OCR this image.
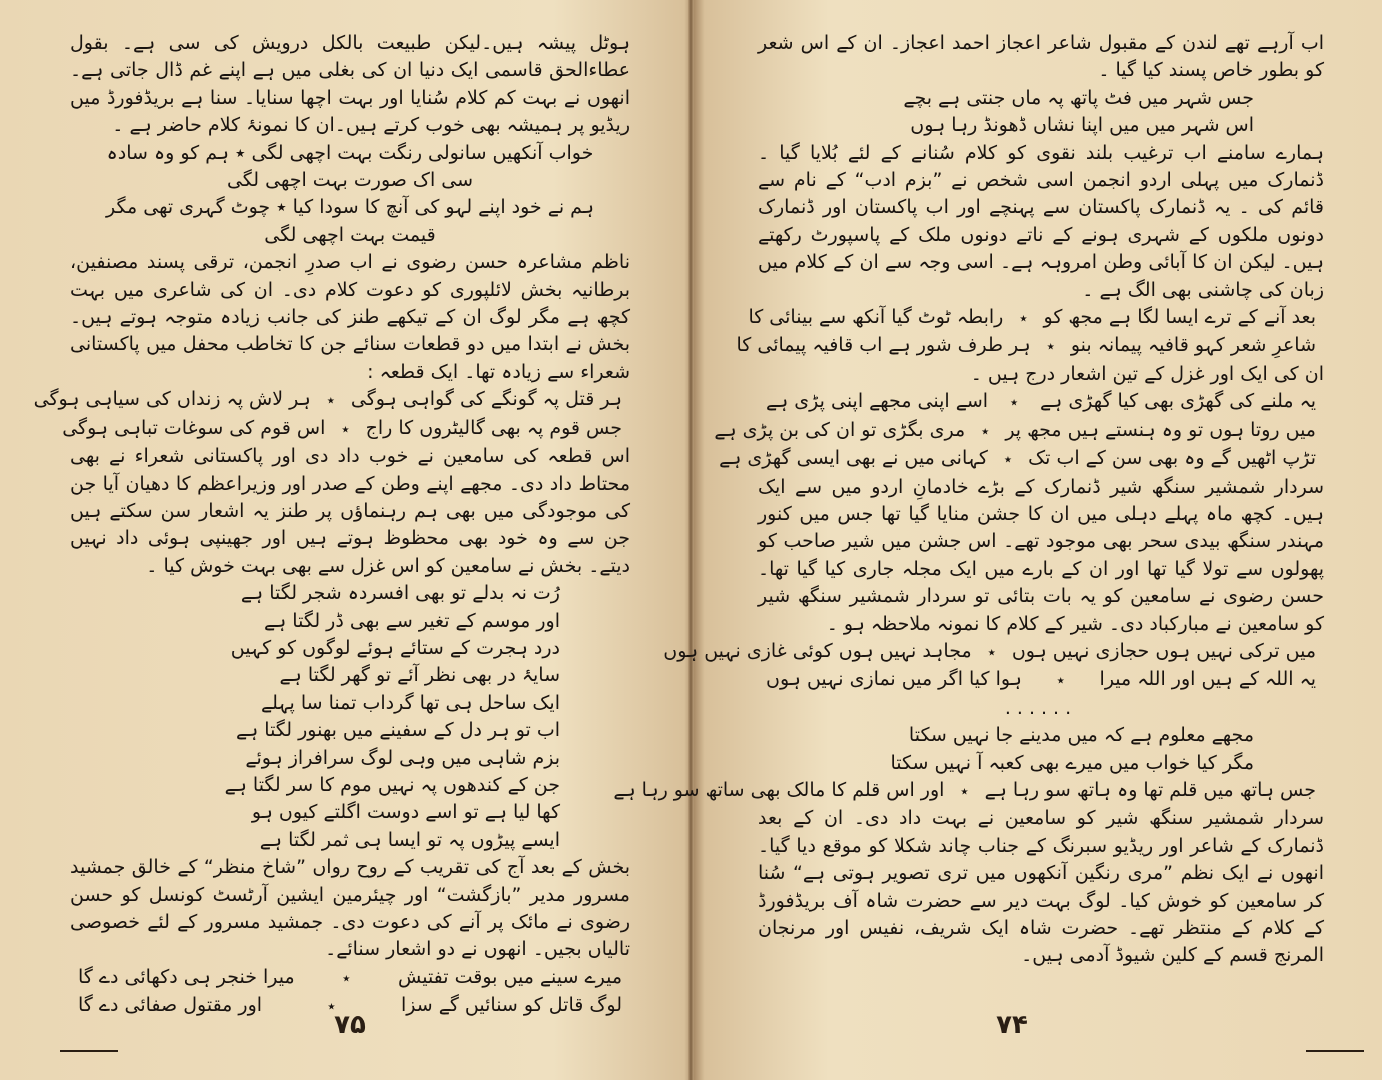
ہوٹل پیشہ ہیں۔لیکن طبیعت بالکل درویش کی سی ہے۔ بقول عطاءالحق قاسمی ایک دنیا ان کی بغلی میں ہے اپنے غم ڈال جاتی ہے۔ انھوں نے بہت کم کلام سُنایا اور بہت اچھا سنایا۔ سنا ہے بریڈفورڈ میں ریڈیو پر ہمیشہ بھی خوب کرتے ہیں۔ان کا نمونۂ کلام حاضر ہے ۔

خواب آنکھیں سانولی رنگت بہت اچھی لگی ٭ ہم کو وہ سادہ سی اک صورت بہت اچھی لگی

ہم نے خود اپنے لہو کی آنچ کا سودا کیا ٭ چوٹ گہری تھی مگر قیمت بہت اچھی لگی

ناظم مشاعرہ حسن رضوی نے اب صدرِ انجمن، ترقی پسند مصنفین، برطانیہ بخش لائلپوری کو دعوت کلام دی۔ ان کی شاعری میں بہت کچھ ہے مگر لوگ ان کے تیکھے طنز کی جانب زیادہ متوجہ ہوتے ہیں۔ بخش نے ابتدا میں دو قطعات سنائے جن کا تخاطب محفل میں پاکستانی شعراء سے زیادہ تھا۔ ایک قطعہ :

ہر قتل پہ گونگے کی گواہی ہوگی
٭
ہر لاش پہ زنداں کی سیاہی ہوگی
جس قوم پہ بھی گالیٹروں کا راج
٭
اس قوم کی سوغات تباہی ہوگی

اس قطعہ کی سامعین نے خوب داد دی اور پاکستانی شعراء نے بھی محتاط داد دی۔ مجھے اپنے وطن کے صدر اور وزیراعظم کا دھیان آیا جن کی موجودگی میں بھی ہم رہنماؤں پر طنز یہ اشعار سن سکتے ہیں جن سے وہ خود بھی محظوظ ہوتے ہیں اور جھینپی ہوئی داد نہیں دیتے۔ بخش نے سامعین کو اس غزل سے بھی بہت خوش کیا ۔

رُت نہ بدلے تو بھی افسردہ شجر لگتا ہے

اور موسم کے تغیر سے بھی ڈر لگتا ہے

درد ہجرت کے ستائے ہوئے لوگوں کو کہیں

سایۂ در بھی نظر آئے تو گھر لگتا ہے

ایک ساحل ہی تھا گرداب تمنا سا پہلے

اب تو ہر دل کے سفینے میں بھنور لگتا ہے

بزم شاہی میں وہی لوگ سرافراز ہوئے

جن کے کندھوں پہ نہیں موم کا سر لگتا ہے

کھا لیا ہے تو اسے دوست اگلتے کیوں ہو

ایسے پیڑوں پہ تو ایسا ہی ثمر لگتا ہے

بخش کے بعد آج کی تقریب کے روح رواں ”شاخ منظر“ کے خالق جمشید مسرور مدیر ”بازگشت“ اور چیئرمین ایشین آرٹسٹ کونسل کو حسن رضوی نے مائک پر آنے کی دعوت دی۔ جمشید مسرور کے لئے خصوصی تالیاں بجیں۔ انھوں نے دو اشعار سنائے۔

میرے سینے میں بوقت تفتیش
٭
میرا خنجر ہی دکھائی دے گا
لوگ قاتل کو سنائیں گے سزا
٭
اور مقتول صفائی دے گا
۷۵

اب آرہے تھے لندن کے مقبول شاعر اعجاز احمد اعجاز۔ ان کے اس شعر کو بطور خاص پسند کیا گیا ۔

جس شہر میں فٹ پاتھ پہ ماں جنتی ہے بچے

اس شہر میں میں اپنا نشاں ڈھونڈ رہا ہوں

ہمارے سامنے اب ترغیب بلند نقوی کو کلام سُنانے کے لئے بُلایا گیا ۔ ڈنمارک میں پہلی اردو انجمن اسی شخص نے ”بزم ادب“ کے نام سے قائم کی ۔ یہ ڈنمارک پاکستان سے پہنچے اور اب پاکستان اور ڈنمارک دونوں ملکوں کے شہری ہونے کے ناتے دونوں ملک کے پاسپورٹ رکھتے ہیں۔ لیکن ان کا آبائی وطن امروہہ ہے۔ اسی وجہ سے ان کے کلام میں زبان کی چاشنی بھی الگ ہے ۔

بعد آنے کے ترے ایسا لگا ہے مجھ کو
٭
رابطہ ٹوٹ گیا آنکھ سے بینائی کا
شاعرِ شعر کہو قافیہ پیمانہ بنو
٭
ہر طرف شور ہے اب قافیہ پیمائی کا

ان کی ایک اور غزل کے تین اشعار درج ہیں ۔

یہ ملنے کی گھڑی بھی کیا گھڑی ہے
٭
اسے اپنی مجھے اپنی پڑی ہے
میں روتا ہوں تو وہ ہنستے ہیں مجھ پر
٭
مری بگڑی تو ان کی بن پڑی ہے
تڑپ اٹھیں گے وہ بھی سن کے اب تک
٭
کہانی میں نے بھی ایسی گھڑی ہے

سردار شمشیر سنگھ شیر ڈنمارک کے بڑے خادمانِ اردو میں سے ایک ہیں۔ کچھ ماہ پہلے دہلی میں ان کا جشن منایا گیا تھا جس میں کنور مہندر سنگھ بیدی سحر بھی موجود تھے۔ اس جشن میں شیر صاحب کو پھولوں سے تولا گیا تھا اور ان کے بارے میں ایک مجلہ جاری کیا گیا تھا۔ حسن رضوی نے سامعین کو یہ بات بتائی تو سردار شمشیر سنگھ شیر کو سامعین نے مبارکباد دی۔ شیر کے کلام کا نمونہ ملاحظہ ہو ۔

میں ترکی نہیں ہوں حجازی نہیں ہوں
٭
مجاہد نہیں ہوں کوئی غازی نہیں ہوں
یہ اللہ کے ہیں اور اللہ میرا
٭
ہوا کیا اگر میں نمازی نہیں ہوں

......

مجھے معلوم ہے کہ میں مدینے جا نہیں سکتا

مگر کیا خواب میں میرے بھی کعبہ آ نہیں سکتا

جس ہاتھ میں قلم تھا وہ ہاتھ سو رہا ہے
٭
اور اس قلم کا مالک بھی ساتھ سو رہا ہے

سردار شمشیر سنگھ شیر کو سامعین نے بہت داد دی۔ ان کے بعد ڈنمارک کے شاعر اور ریڈیو سبرنگ کے جناب چاند شکلا کو موقع دیا گیا۔ انھوں نے ایک نظم ”مری رنگین آنکھوں میں تری تصویر ہوتی ہے“ سُنا کر سامعین کو خوش کیا۔ لوگ بہت دیر سے حضرت شاہ آف بریڈفورڈ کے کلام کے منتظر تھے۔ حضرت شاہ ایک شریف، نفیس اور مرنجان المرنج قسم کے کلین شیوڈ آدمی ہیں۔

۷۴
